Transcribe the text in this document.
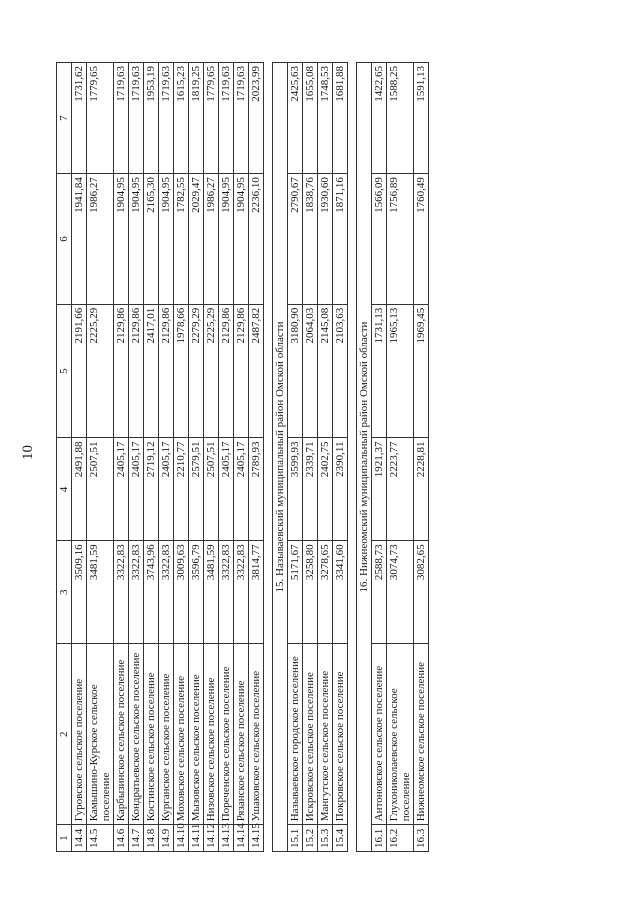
10
1	2	3	4	5	6	7
14.4	Гуровское сельское поселение	3509,16	2491,88	2191,66	1941,84	1731,62
14.5	Камышино-Курское сельское поселение	3481,59	2507,51	2225,29	1986,27	1779,65
14.6	Карбызинское сельское поселение	3322,83	2405,17	2129,86	1904,95	1719,63
14.7	Кондратьевское сельское поселение	3322,83	2405,17	2129,86	1904,95	1719,63
14.8	Костинское сельское поселение	3743,96	2719,12	2417,01	2165,30	1953,19
14.9	Курганское сельское поселение	3322,83	2405,17	2129,86	1904,95	1719,63
14.10	Моховское сельское поселение	3009,63	2210,77	1978,66	1782,55	1615,23
14.11	Мызовское сельское поселение	3596,79	2579,51	2279,29	2029,47	1819,25
14.12	Низовское сельское поселение	3481,59	2507,51	2225,29	1986,27	1779,65
14.13	Пореченское сельское поселение	3322,83	2405,17	2129,86	1904,95	1719,63
14.14	Рязанское сельское поселение	3322,83	2405,17	2129,86	1904,95	1719,63
14.15	Ушаковское сельское поселение	3814,77	2789,93	2487,82	2236,10	2023,99

15. Называевский муниципальный район Омской области						
15.1	Называевское городское поселение	5171,67	3599,93	3180,90	2790,67	2425,63
15.2	Искровское сельское поселение	3258,80	2339,71	2064,03	1838,76	1655,08
15.3	Мангутское сельское поселение	3278,65	2402,75	2145,08	1930,60	1748,53
15.4	Покровское сельское поселение	3341,60	2390,11	2103,63	1871,16	1681,88

16. Нижнеомский муниципальный район Омской области						
16.1	Антоновское сельское поселение	2588,73	1921,37	1731,13	1566,09	1422,65
16.2	Глухониколаевское сельское поселение	3074,73	2223,77	1965,13	1756,89	1588,25
16.3	Нижнеомское сельское поселение	3082,65	2228,81	1969,45	1760,49	1591,13
